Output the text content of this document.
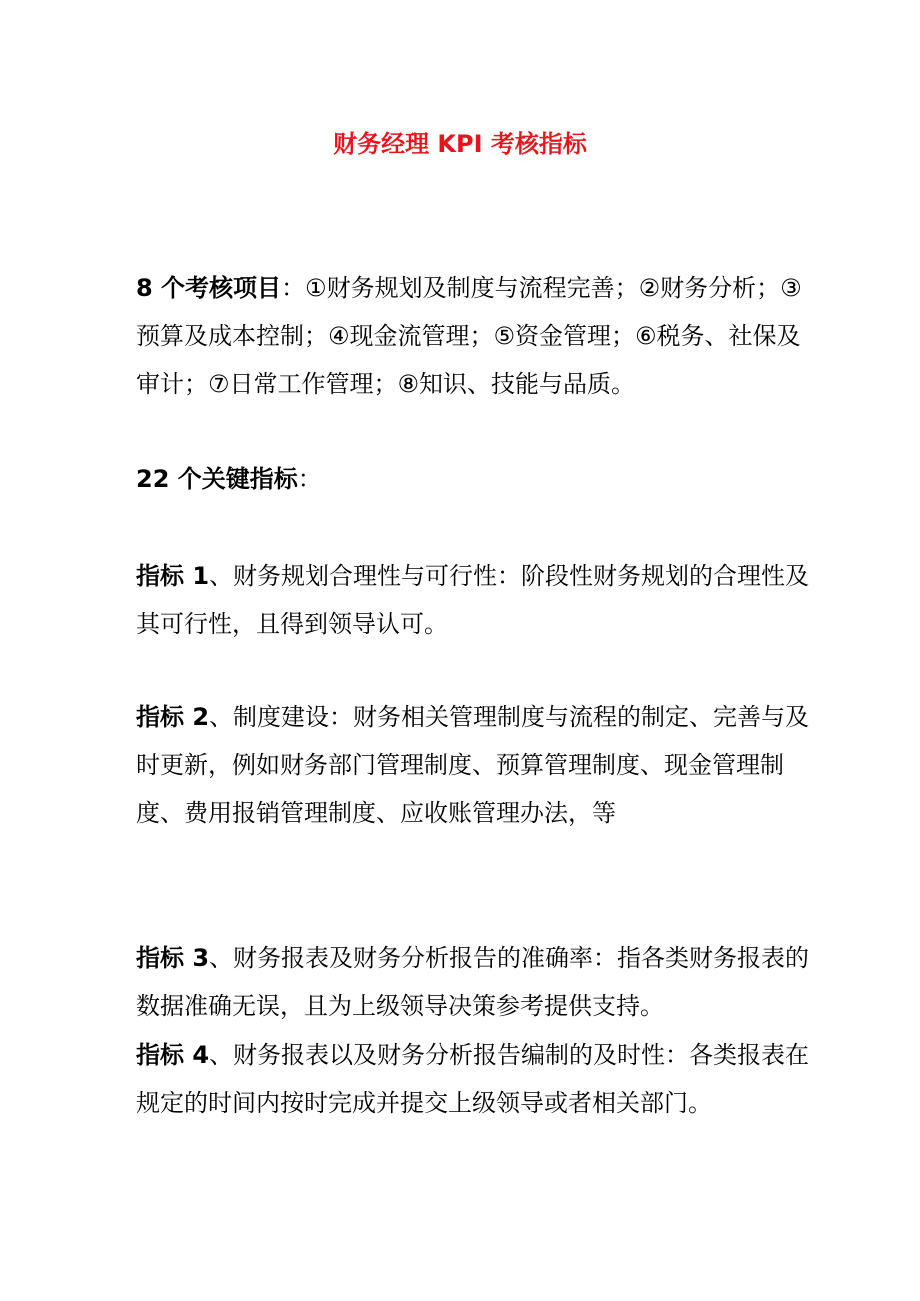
财务经理 KPI 考核指标

8 个考核项目：①财务规划及制度与流程完善；②财务分析；③预算及成本控制；④现金流管理；⑤资金管理；⑥税务、社保及审计；⑦日常工作管理；⑧知识、技能与品质。

22 个关键指标：

指标 1、财务规划合理性与可行性：阶段性财务规划的合理性及其可行性，且得到领导认可。

指标 2、制度建设：财务相关管理制度与流程的制定、完善与及时更新，例如财务部门管理制度、预算管理制度、现金管理制度、费用报销管理制度、应收账管理办法，等

指标 3、财务报表及财务分析报告的准确率：指各类财务报表的数据准确无误，且为上级领导决策参考提供支持。

指标 4、财务报表以及财务分析报告编制的及时性：各类报表在规定的时间内按时完成并提交上级领导或者相关部门。
